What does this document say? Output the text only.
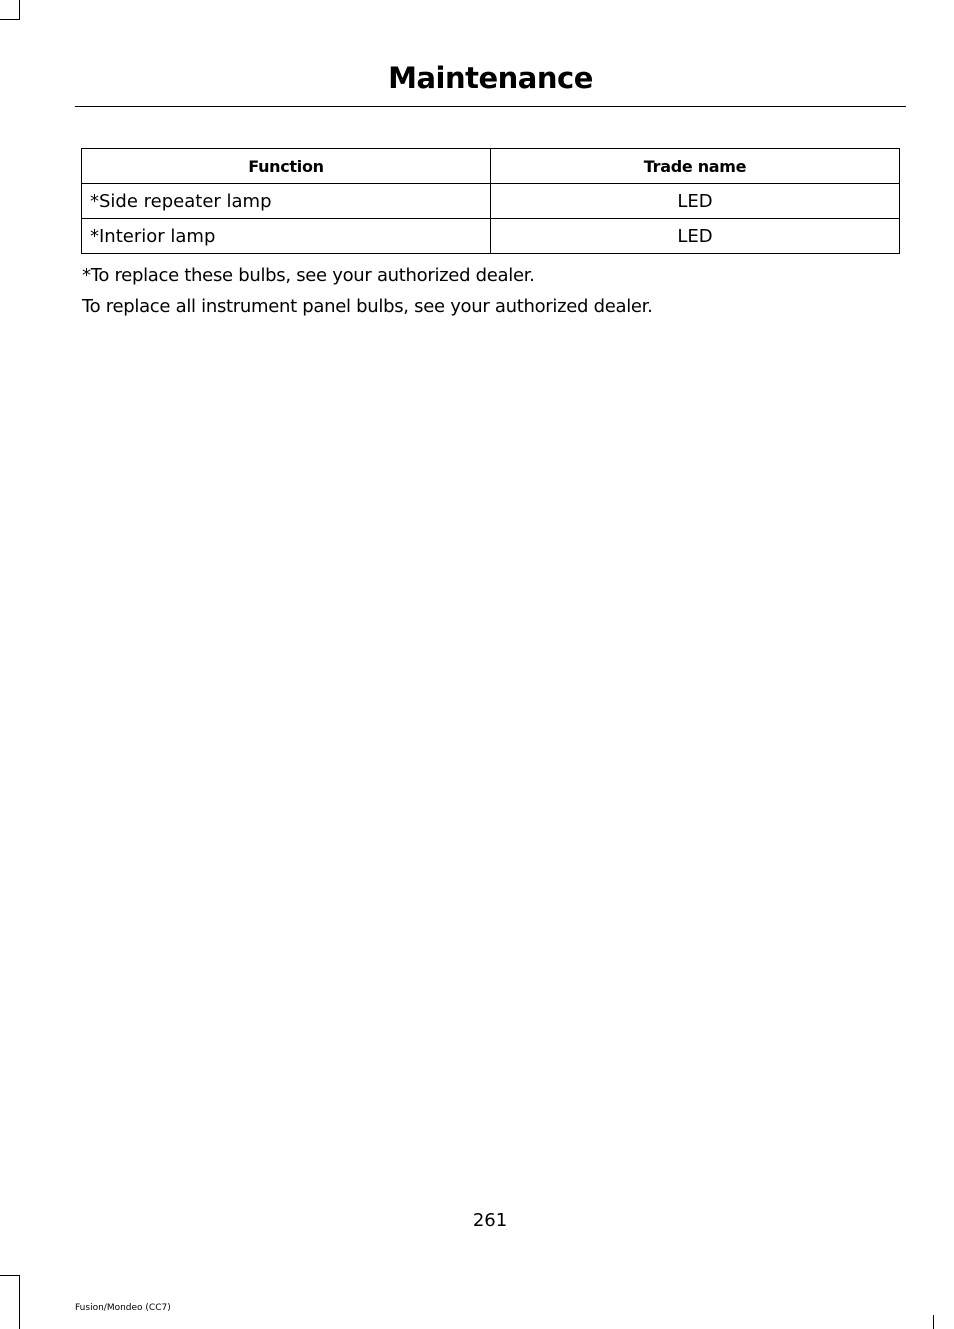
Maintenance
Function	Trade name
*Side repeater lamp	LED
*Interior lamp	LED
*To replace these bulbs, see your authorized dealer.
To replace all instrument panel bulbs, see your authorized dealer.
261
Fusion/Mondeo (CC7)
